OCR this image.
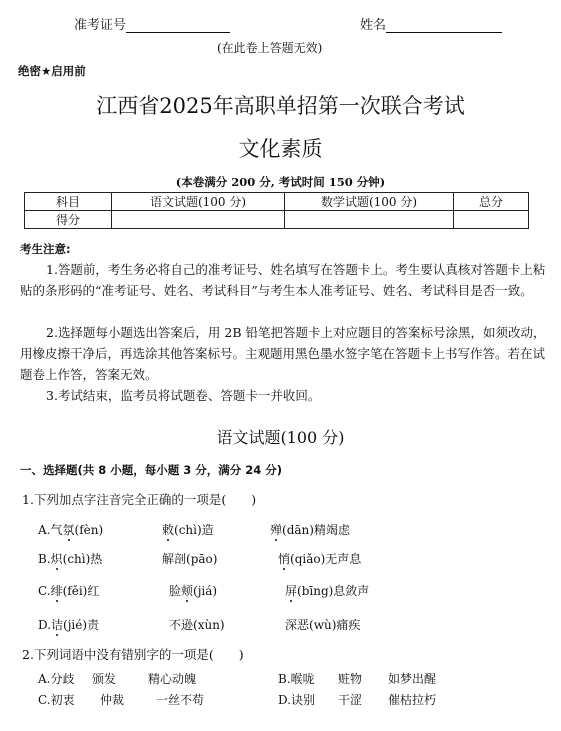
准考证号	姓名
(在此卷上答题无效)
绝密★启用前
江西省2025年高职单招第一次联合考试
文化素质
(本卷满分 200 分, 考试时间 150 分钟)
科目	语文试题(100 分)	数学试题(100 分)	总分
得分			
考生注意:
1.答题前，考生务必将自己的准考证号、姓名填写在答题卡上。考生要认真核对答题卡上粘贴的条形码的“准考证号、姓名、考试科目”与考生本人准考证号、姓名、考试科目是否一致。
2.选择题每小题选出答案后，用 2B 铅笔把答题卡上对应题目的答案标号涂黑，如须改动，用橡皮擦干净后，再选涂其他答案标号。主观题用黑色墨水签字笔在答题卡上书写作答。若在试题卷上作答，答案无效。
3.考试结束，监考员将试题卷、答题卡一并收回。
语文试题(100 分)
一、选择题(共 8 小题，每小题 3 分，满分 24 分)
1.下列加点字注音完全正确的一项是(　　)
A.气氛(fèn)	敕(chì)造	殚(dān)精竭虑
B.炽(chì)热	解剖(pāo)	悄(qiǎo)无声息
C.绯(fěi)红	脸颊(jiá)	屏(bīng)息敛声
D.诘(jié)责	不逊(xùn)	深恶(wù)痛疾
2.下列词语中没有错别字的一项是(　　)
A.分歧 颁发	精心动魄	B.喉咙 赃物 如梦出醒
C.初衷 仲裁	一丝不苟	D.诀别 干涩 催枯拉朽
